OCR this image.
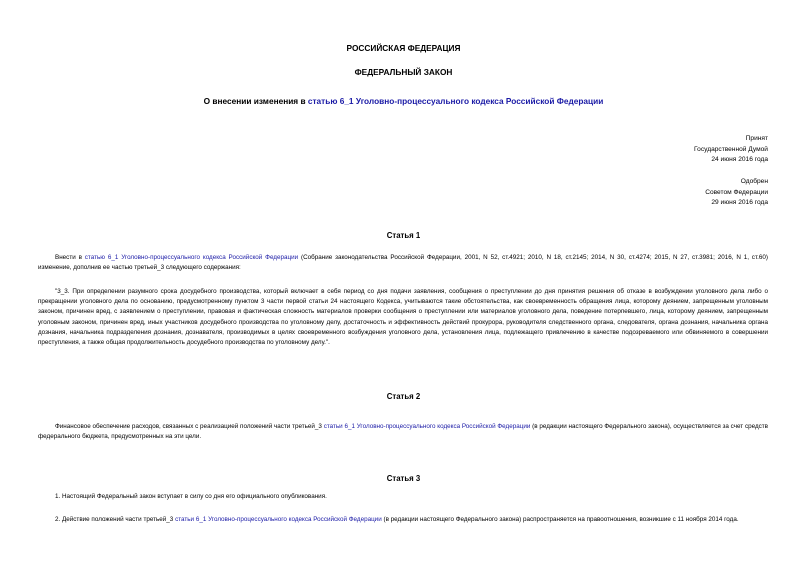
РОССИЙСКАЯ ФЕДЕРАЦИЯ
ФЕДЕРАЛЬНЫЙ ЗАКОН
О внесении изменения в статью 6_1 Уголовно-процессуального кодекса Российской Федерации
Принят
Государственной Думой
24 июня 2016 года
Одобрен
Советом Федерации
29 июня 2016 года
Статья 1
Внести в статью 6_1 Уголовно-процессуального кодекса Российской Федерации (Собрание законодательства Российской Федерации, 2001, N 52, ст.4921; 2010, N 18, ст.2145; 2014, N 30, ст.4274; 2015, N 27, ст.3981; 2016, N 1, ст.60) изменение, дополнив ее частью третьей_3 следующего содержания:
"3_3. При определении разумного срока досудебного производства, который включает в себя период со дня подачи заявления, сообщения о преступлении до дня принятия решения об отказе в возбуждении уголовного дела либо о прекращении уголовного дела по основанию, предусмотренному пунктом 3 части первой статьи 24 настоящего Кодекса, учитываются такие обстоятельства, как своевременность обращения лица, которому деянием, запрещенным уголовным законом, причинен вред, с заявлением о преступлении, правовая и фактическая сложность материалов проверки сообщения о преступлении или материалов уголовного дела, поведение потерпевшего, лица, которому деянием, запрещенным уголовным законом, причинен вред, иных участников досудебного производства по уголовному делу, достаточность и эффективность действий прокурора, руководителя следственного органа, следователя, органа дознания, начальника органа дознания, начальника подразделения дознания, дознавателя, производимых в целях своевременного возбуждения уголовного дела, установления лица, подлежащего привлечению в качестве подозреваемого или обвиняемого в совершении преступления, а также общая продолжительность досудебного производства по уголовному делу.".
Статья 2
Финансовое обеспечение расходов, связанных с реализацией положений части третьей_3 статьи 6_1 Уголовно-процессуального кодекса Российской Федерации (в редакции настоящего Федерального закона), осуществляется за счет средств федерального бюджета, предусмотренных на эти цели.
Статья 3
1. Настоящий Федеральный закон вступает в силу со дня его официального опубликования.
2. Действие положений части третьей_3 статьи 6_1 Уголовно-процессуального кодекса Российской Федерации (в редакции настоящего Федерального закона) распространяется на правоотношения, возникшие с 11 ноября 2014 года.
